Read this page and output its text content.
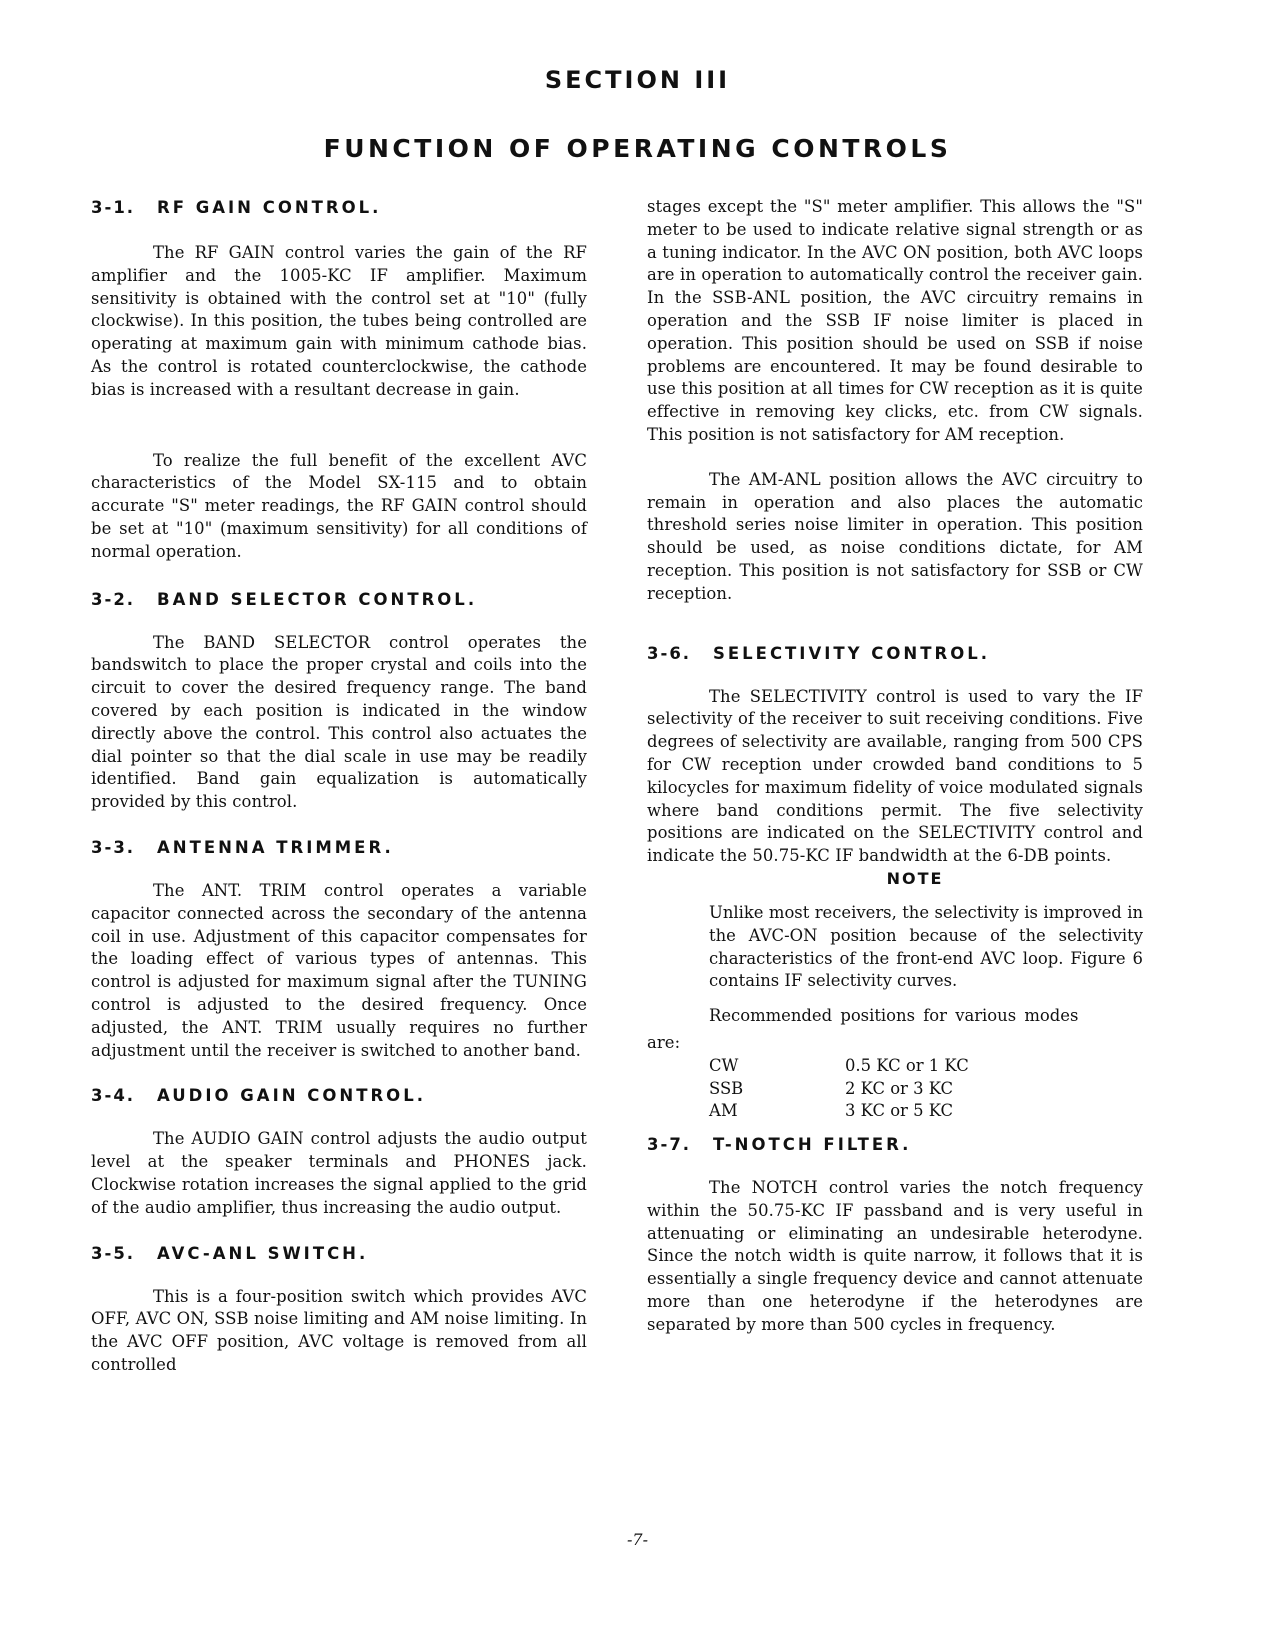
SECTION III
FUNCTION OF OPERATING CONTROLS
3-1. RF GAIN CONTROL.

The RF GAIN control varies the gain of the RF amplifier and the 1005-KC IF amplifier. Maximum sensitivity is obtained with the control set at "10" (fully clockwise). In this position, the tubes being controlled are operating at maximum gain with minimum cathode bias. As the control is rotated counterclockwise, the cathode bias is increased with a resultant decrease in gain.

To realize the full benefit of the excellent AVC characteristics of the Model SX-115 and to obtain accurate "S" meter readings, the RF GAIN control should be set at "10" (maximum sensitivity) for all conditions of normal operation.

3-2. BAND SELECTOR CONTROL.

The BAND SELECTOR control operates the bandswitch to place the proper crystal and coils into the circuit to cover the desired frequency range. The band covered by each position is indicated in the window directly above the control. This control also actuates the dial pointer so that the dial scale in use may be readily identified. Band gain equalization is automatically provided by this control.

3-3. ANTENNA TRIMMER.

The ANT. TRIM control operates a variable capacitor connected across the secondary of the antenna coil in use. Adjustment of this capacitor compensates for the loading effect of various types of antennas. This control is adjusted for maximum signal after the TUNING control is adjusted to the desired frequency. Once adjusted, the ANT. TRIM usually requires no further adjustment until the receiver is switched to another band.

3-4. AUDIO GAIN CONTROL.

The AUDIO GAIN control adjusts the audio output level at the speaker terminals and PHONES jack. Clockwise rotation increases the signal applied to the grid of the audio amplifier, thus increasing the audio output.

3-5. AVC-ANL SWITCH.

This is a four-position switch which provides AVC OFF, AVC ON, SSB noise limiting and AM noise limiting. In the AVC OFF position, AVC voltage is removed from all controlled

stages except the "S" meter amplifier. This allows the "S" meter to be used to indicate relative signal strength or as a tuning indicator. In the AVC ON position, both AVC loops are in operation to automatically control the receiver gain. In the SSB-ANL position, the AVC circuitry remains in operation and the SSB IF noise limiter is placed in operation. This position should be used on SSB if noise problems are encountered. It may be found desirable to use this position at all times for CW reception as it is quite effective in removing key clicks, etc. from CW signals. This position is not satisfactory for AM reception.

The AM-ANL position allows the AVC circuitry to remain in operation and also places the automatic threshold series noise limiter in operation. This position should be used, as noise conditions dictate, for AM reception. This position is not satisfactory for SSB or CW reception.

3-6. SELECTIVITY CONTROL.

The SELECTIVITY control is used to vary the IF selectivity of the receiver to suit receiving conditions. Five degrees of selectivity are available, ranging from 500 CPS for CW reception under crowded band conditions to 5 kilocycles for maximum fidelity of voice modulated signals where band conditions permit. The five selectivity positions are indicated on the SELECTIVITY control and indicate the 50.75-KC IF bandwidth at the 6-DB points.

NOTE

Unlike most receivers, the selectivity is improved in the AVC-ON position because of the selectivity characteristics of the front-end AVC loop. Figure 6 contains IF selectivity curves.

Recommended positions for various modes

are:

CW	0.5 KC or 1 KC
SSB	2 KC or 3 KC
AM	3 KC or 5 KC
3-7. T-NOTCH FILTER.

The NOTCH control varies the notch frequency within the 50.75-KC IF passband and is very useful in attenuating or eliminating an undesirable heterodyne. Since the notch width is quite narrow, it follows that it is essentially a single frequency device and cannot attenuate more than one heterodyne if the heterodynes are separated by more than 500 cycles in frequency.

-7-
